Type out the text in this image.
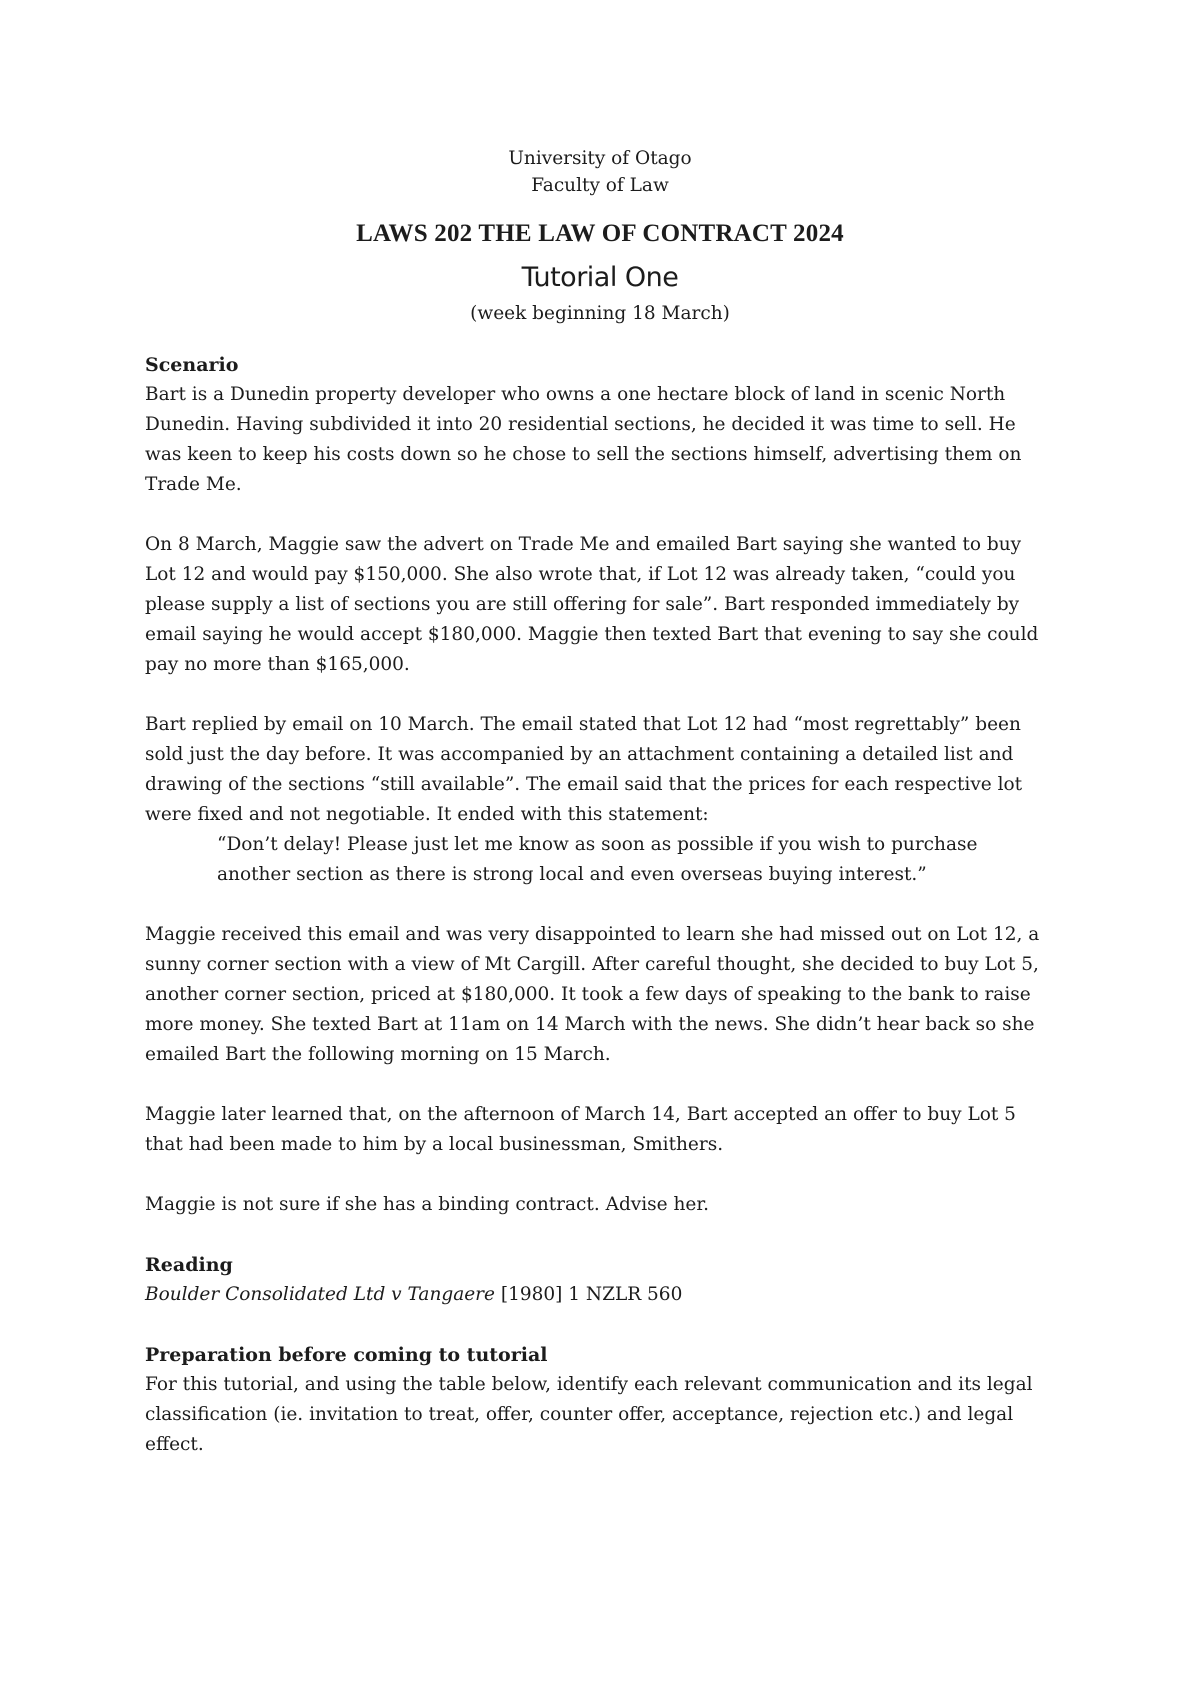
University of Otago
Faculty of Law
LAWS 202 THE LAW OF CONTRACT 2024
Tutorial One
(week beginning 18 March)
Scenario

Bart is a Dunedin property developer who owns a one hectare block of land in scenic North Dunedin. Having subdivided it into 20 residential sections, he decided it was time to sell. He was keen to keep his costs down so he chose to sell the sections himself, advertising them on Trade Me.

On 8 March, Maggie saw the advert on Trade Me and emailed Bart saying she wanted to buy Lot 12 and would pay $150,000. She also wrote that, if Lot 12 was already taken, “could you please supply a list of sections you are still offering for sale”. Bart responded immediately by email saying he would accept $180,000. Maggie then texted Bart that evening to say she could pay no more than $165,000.

Bart replied by email on 10 March. The email stated that Lot 12 had “most regrettably” been sold just the day before. It was accompanied by an attachment containing a detailed list and drawing of the sections “still available”. The email said that the prices for each respective lot were fixed and not negotiable. It ended with this statement:

“Don’t delay! Please just let me know as soon as possible if you wish to purchase another section as there is strong local and even overseas buying interest.”

Maggie received this email and was very disappointed to learn she had missed out on Lot 12, a sunny corner section with a view of Mt Cargill. After careful thought, she decided to buy Lot 5, another corner section, priced at $180,000. It took a few days of speaking to the bank to raise more money. She texted Bart at 11am on 14 March with the news. She didn’t hear back so she emailed Bart the following morning on 15 March.

Maggie later learned that, on the afternoon of March 14, Bart accepted an offer to buy Lot 5 that had been made to him by a local businessman, Smithers.

Maggie is not sure if she has a binding contract. Advise her.

Reading

Boulder Consolidated Ltd v Tangaere [1980] 1 NZLR 560

Preparation before coming to tutorial

For this tutorial, and using the table below, identify each relevant communication and its legal classification (ie. invitation to treat, offer, counter offer, acceptance, rejection etc.) and legal effect.
